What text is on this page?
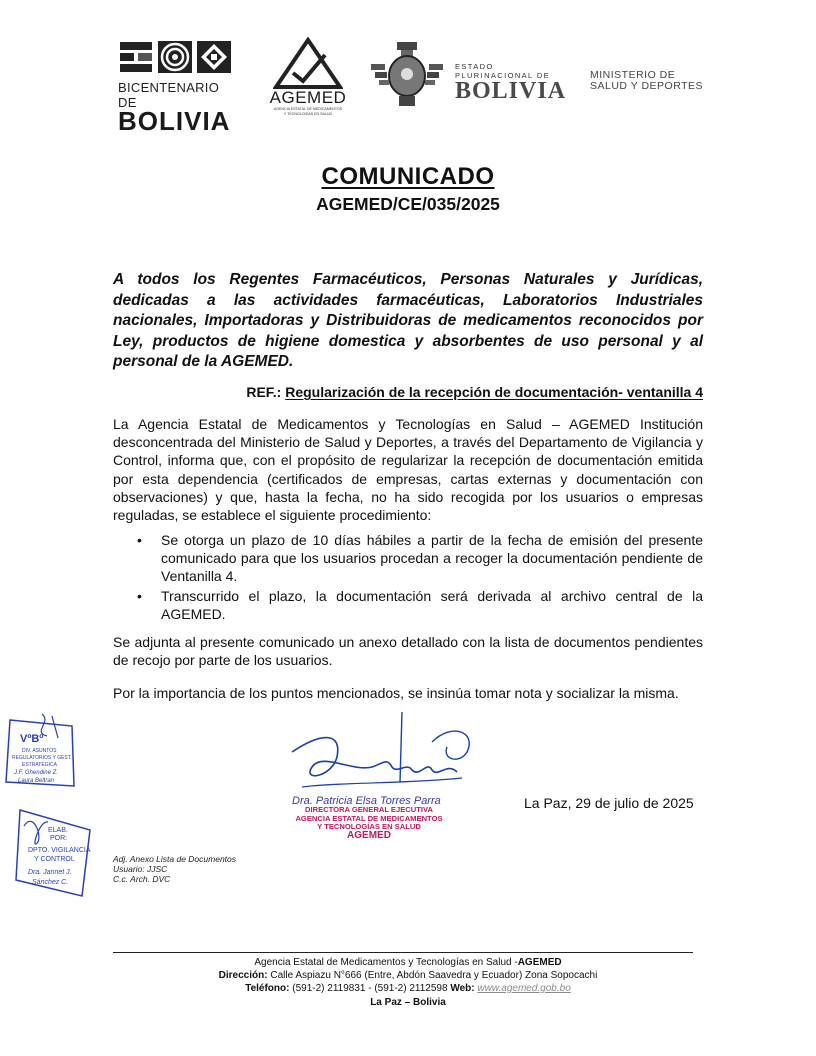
BICENTENARIO DE
BOLIVIA
AGEMED
AGENCIA ESTATAL DE MEDICAMENTOS
Y TECNOLOGÍAS EN SALUD
ESTADO PLURINACIONAL DE
BOLIVIA
MINISTERIO DE
SALUD Y DEPORTES
COMUNICADO
AGEMED/CE/035/2025
A todos los Regentes Farmacéuticos, Personas Naturales y Jurídicas, dedicadas a las actividades farmacéuticas, Laboratorios Industriales nacionales, Importadoras y Distribuidoras de medicamentos reconocidos por Ley, productos de higiene domestica y absorbentes de uso personal y al personal de la AGEMED.
REF.: Regularización de la recepción de documentación- ventanilla 4
La Agencia Estatal de Medicamentos y Tecnologías en Salud – AGEMED Institución desconcentrada del Ministerio de Salud y Deportes, a través del Departamento de Vigilancia y Control, informa que, con el propósito de regularizar la recepción de documentación emitida por esta dependencia (certificados de empresas, cartas externas y documentación con observaciones) y que, hasta la fecha, no ha sido recogida por los usuarios o empresas reguladas, se establece el siguiente procedimiento:
• Se otorga un plazo de 10 días hábiles a partir de la fecha de emisión del presente comunicado para que los usuarios procedan a recoger la documentación pendiente de Ventanilla 4.
• Transcurrido el plazo, la documentación será derivada al archivo central de la AGEMED.
Se adjunta al presente comunicado un anexo detallado con la lista de documentos pendientes de recojo por parte de los usuarios.
Por la importancia de los puntos mencionados, se insinúa tomar nota y socializar la misma.
Dra. Patricia Elsa Torres Parra
DIRECTORA GENERAL EJECUTIVA
AGENCIA ESTATAL DE MEDICAMENTOS
Y TECNOLOGÍAS EN SALUD
AGEMED
La Paz, 29 de julio de 2025
VºBº
DIV. ASUNTOS
REGULATORIOS Y GEST.
ESTRATÉGICA
J.F. Ghendine Z.
Laura Beltran
ELAB.
POR:
DPTO. VIGILANCIA
Y CONTROL
Dra. Jannet J.
Sánchez C.
Adj. Anexo Lista de Documentos
Usuario: JJSC
C.c. Arch. DVC
Agencia Estatal de Medicamentos y Tecnologías en Salud -AGEMED
Dirección: Calle Aspiazu N°666 (Entre, Abdón Saavedra y Ecuador) Zona Sopocachi
Teléfono: (591-2) 2119831 - (591-2) 2112598 Web: www.agemed.gob.bo
La Paz – Bolivia
